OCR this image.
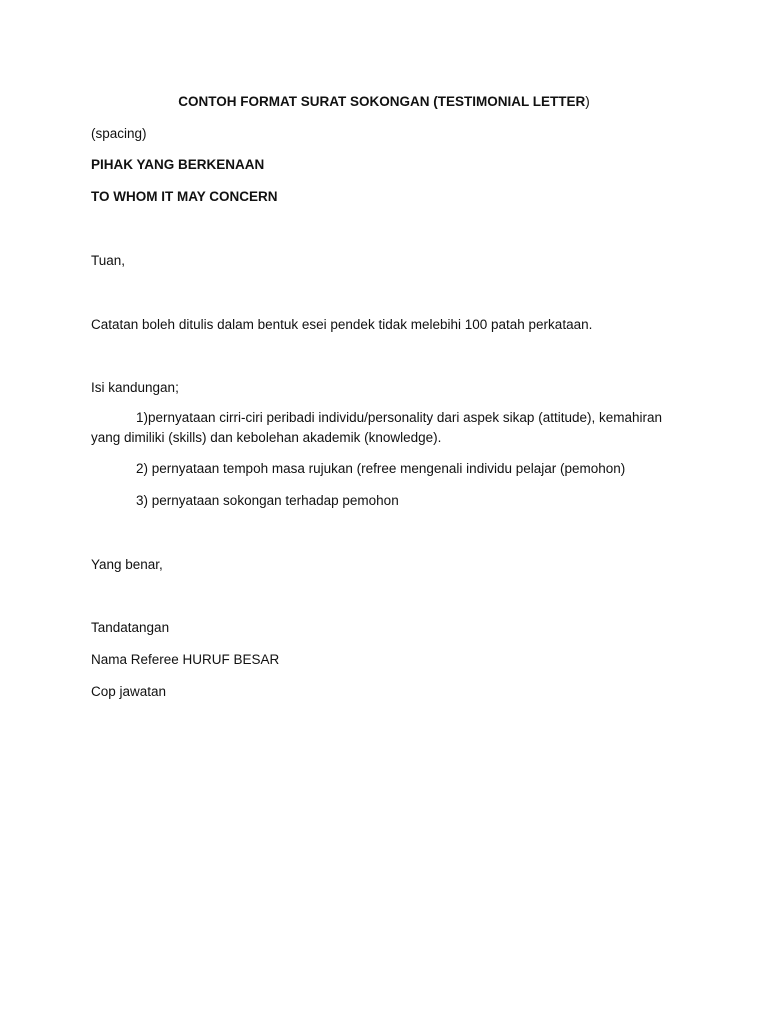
CONTOH FORMAT SURAT SOKONGAN (TESTIMONIAL LETTER)

(spacing)

PIHAK YANG BERKENAAN

TO WHOM IT MAY CONCERN

Tuan,

Catatan boleh ditulis dalam bentuk esei pendek tidak melebihi 100 patah perkataan.

Isi kandungan;

1)pernyataan cirri-ciri peribadi individu/personality dari aspek sikap (attitude), kemahiran yang dimiliki (skills) dan kebolehan akademik (knowledge).

2) pernyataan tempoh masa rujukan (refree mengenali individu pelajar (pemohon)

3) pernyataan sokongan terhadap pemohon

Yang benar,

Tandatangan

Nama Referee HURUF BESAR

Cop jawatan
